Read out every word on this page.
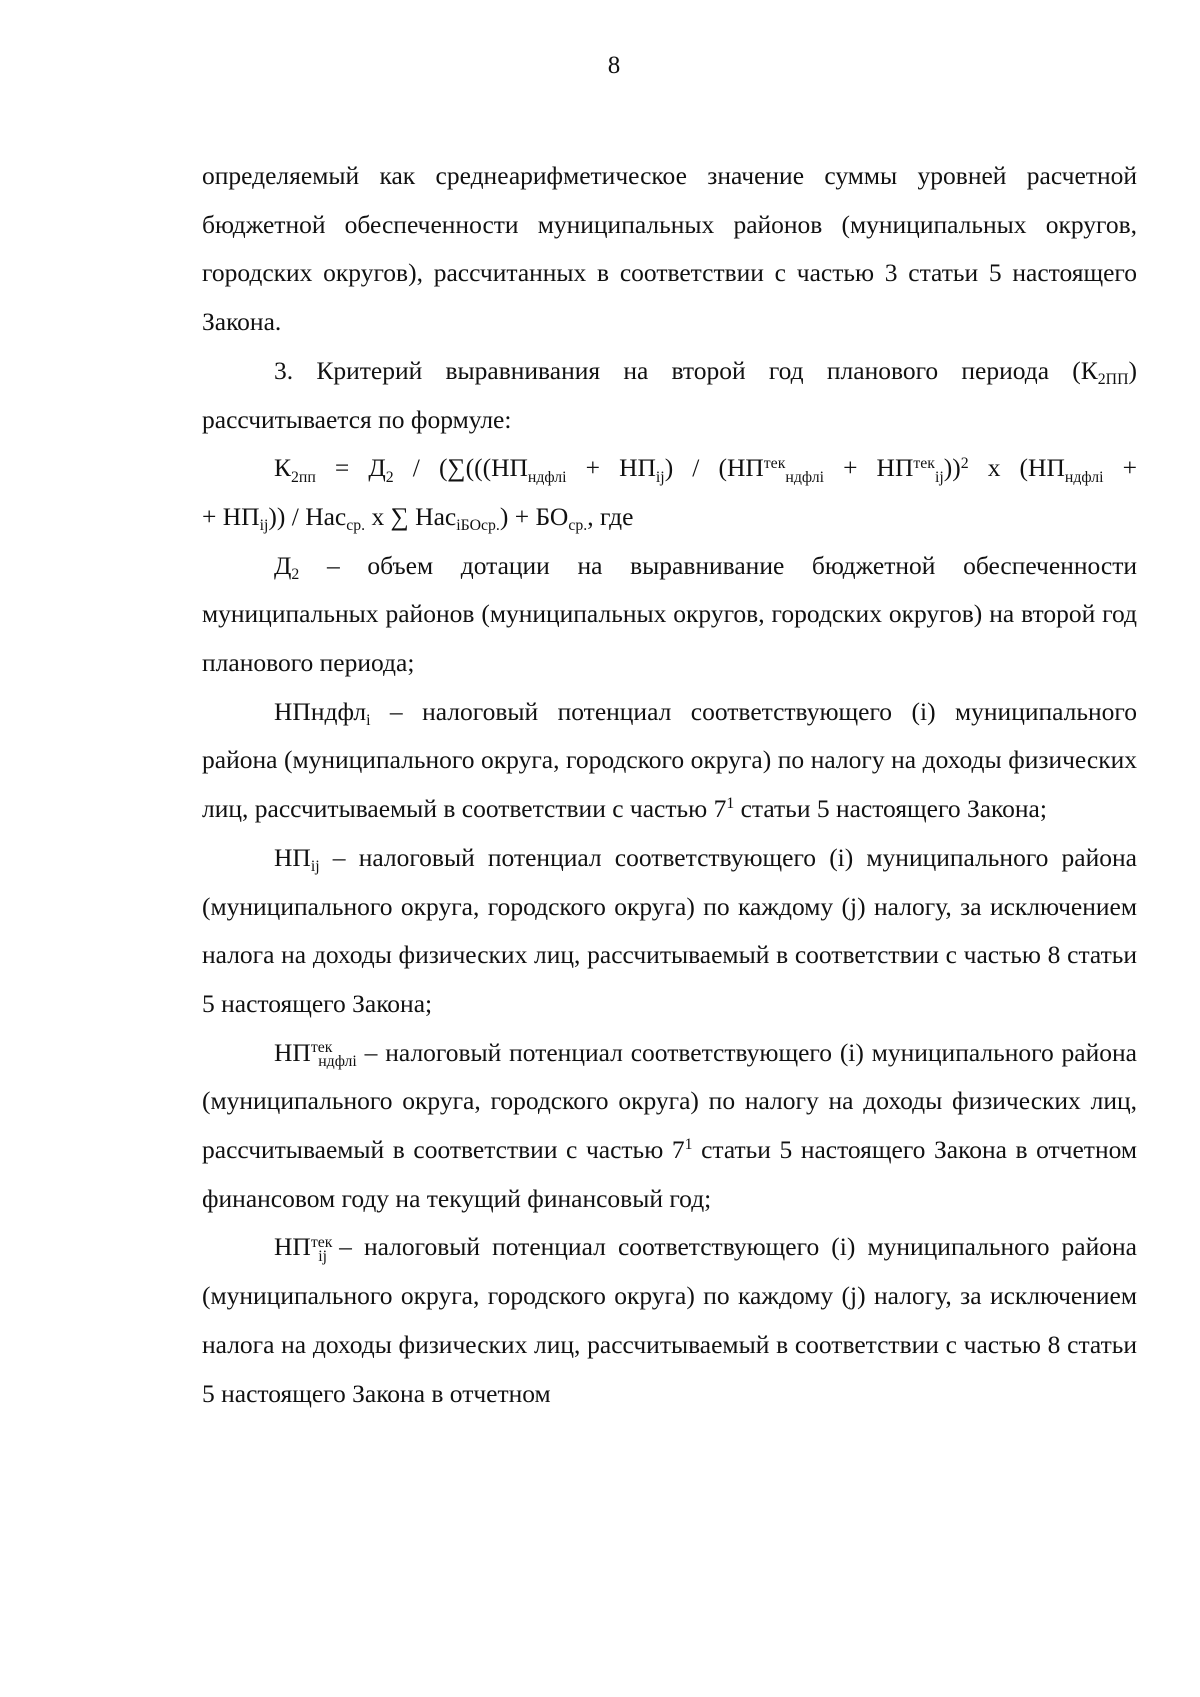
8

определяемый как среднеарифметическое значение суммы уровней расчетной бюджетной обеспеченности муниципальных районов (муниципальных округов, городских округов), рассчитанных в соответствии с частью 3 статьи 5 настоящего Закона.

3. Критерий выравнивания на второй год планового периода $(К_{2ПП})$ рассчитывается по формуле:

$К_{2пп} = Д_2 / (\sum(((НП_{ндфлi} + НП_{ij}) / (НП^{тек}_{ндфлi} + НП^{тек}_{ij}))^2$ x ($НП_{ндфлi}$ +
+ $НП_{ij})) / Нас_{ср.}$ x ∑ $Нас_{iБОср.}) + БО_{ср.}$, где

$Д_2$ – объем дотации на выравнивание бюджетной обеспеченности муниципальных районов (муниципальных округов, городских округов) на второй год планового периода;

НПндфл$_i$ – налоговый потенциал соответствующего (i) муниципального района (муниципального округа, городского округа) по налогу на доходы физических лиц, рассчитываемый в соответствии с частью $7^1$ статьи 5 настоящего Закона;

$НП_{ij}$ – налоговый потенциал соответствующего (i) муниципального района (муниципального округа, городского округа) по каждому (j) налогу, за исключением налога на доходы физических лиц, рассчитываемый в соответствии с частью 8 статьи 5 настоящего Закона;

$НП^{тек}_{ндфлi}$ – налоговый потенциал соответствующего (i) муниципального района (муниципального округа, городского округа) по налогу на доходы физических лиц, рассчитываемый в соответствии с частью $7^1$ статьи 5 настоящего Закона в отчетном финансовом году на текущий финансовый год;

$НП^{тек}_{ij}$ – налоговый потенциал соответствующего (i) муниципального района (муниципального округа, городского округа) по каждому (j) налогу, за исключением налога на доходы физических лиц, рассчитываемый в соответствии с частью 8 статьи 5 настоящего Закона в отчетном
